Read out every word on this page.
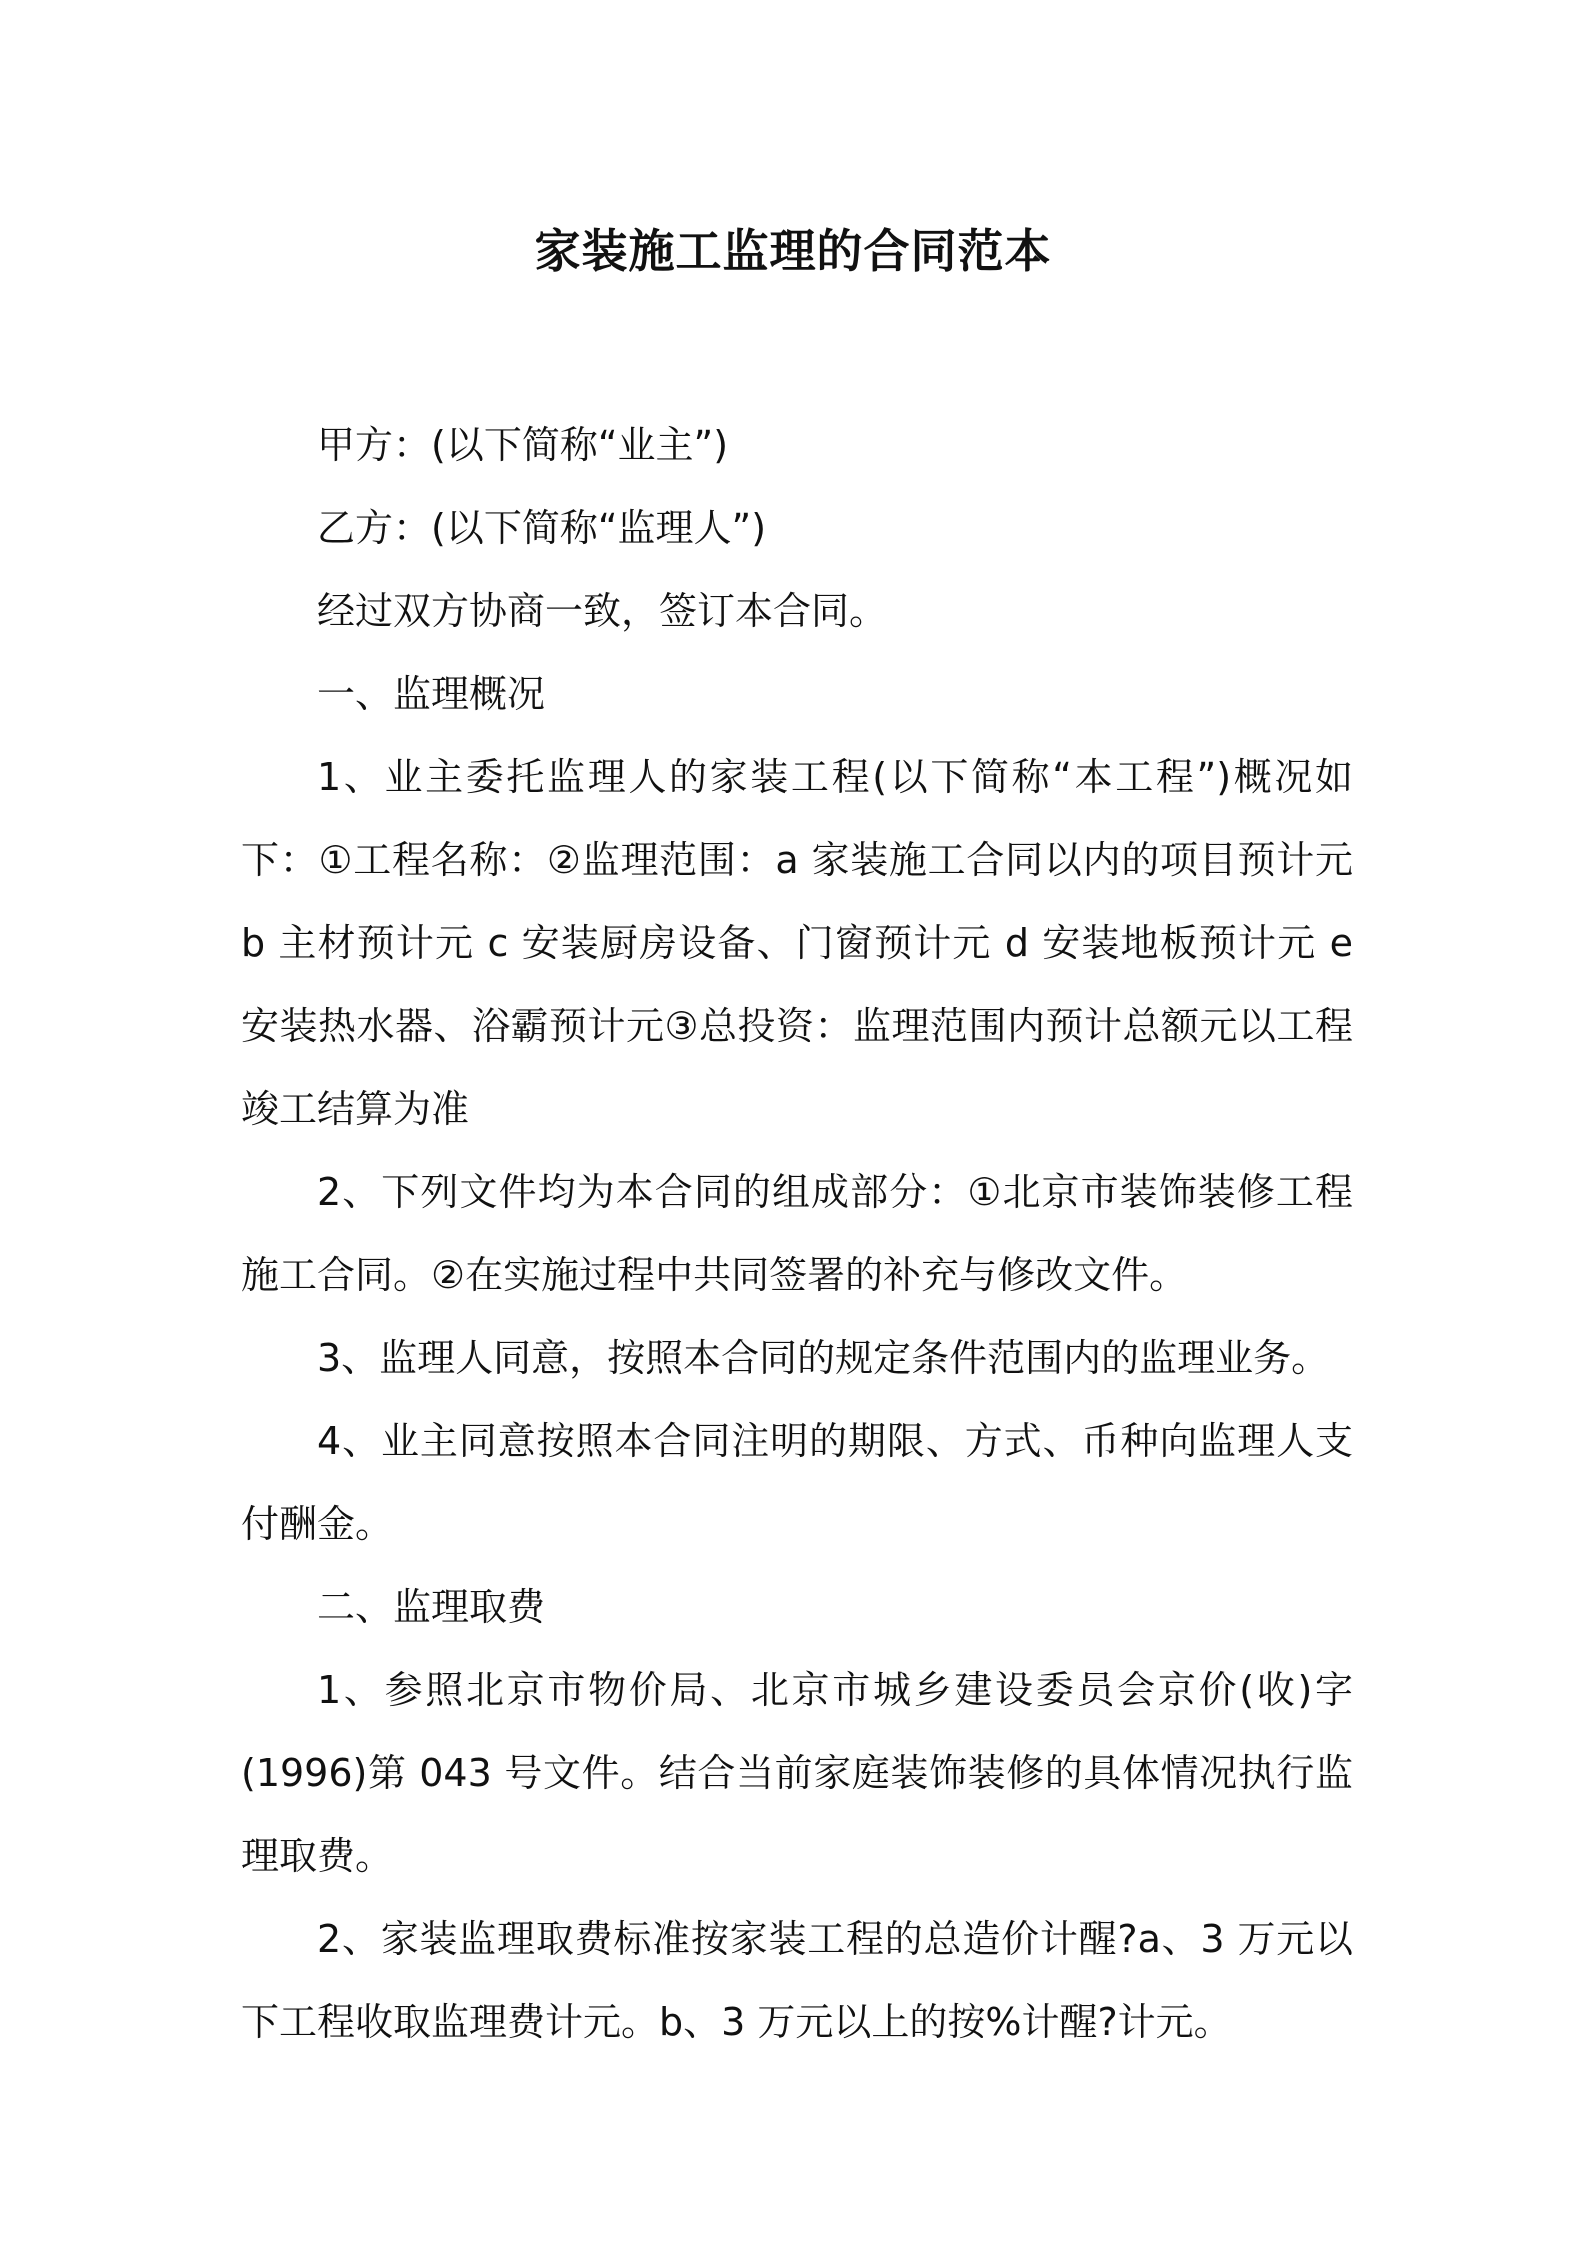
家装施工监理的合同范本

甲方：(以下简称“业主”)

乙方：(以下简称“监理人”)

经过双方协商一致，签订本合同。

一、监理概况

1、业主委托监理人的家装工程(以下简称“本工程”)概况如下：①工程名称：②监理范围：a 家装施工合同以内的项目预计元 b 主材预计元 c 安装厨房设备、门窗预计元 d 安装地板预计元 e 安装热水器、浴霸预计元③总投资：监理范围内预计总额元以工程竣工结算为准

2、下列文件均为本合同的组成部分：①北京市装饰装修工程施工合同。②在实施过程中共同签署的补充与修改文件。

3、监理人同意，按照本合同的规定条件范围内的监理业务。

4、业主同意按照本合同注明的期限、方式、币种向监理人支付酬金。

二、监理取费

1、参照北京市物价局、北京市城乡建设委员会京价(收)字(1996)第 043 号文件。结合当前家庭装饰装修的具体情况执行监理取费。

2、家装监理取费标准按家装工程的总造价计醒?a、3 万元以下工程收取监理费计元。b、3 万元以上的按%计醒?计元。
